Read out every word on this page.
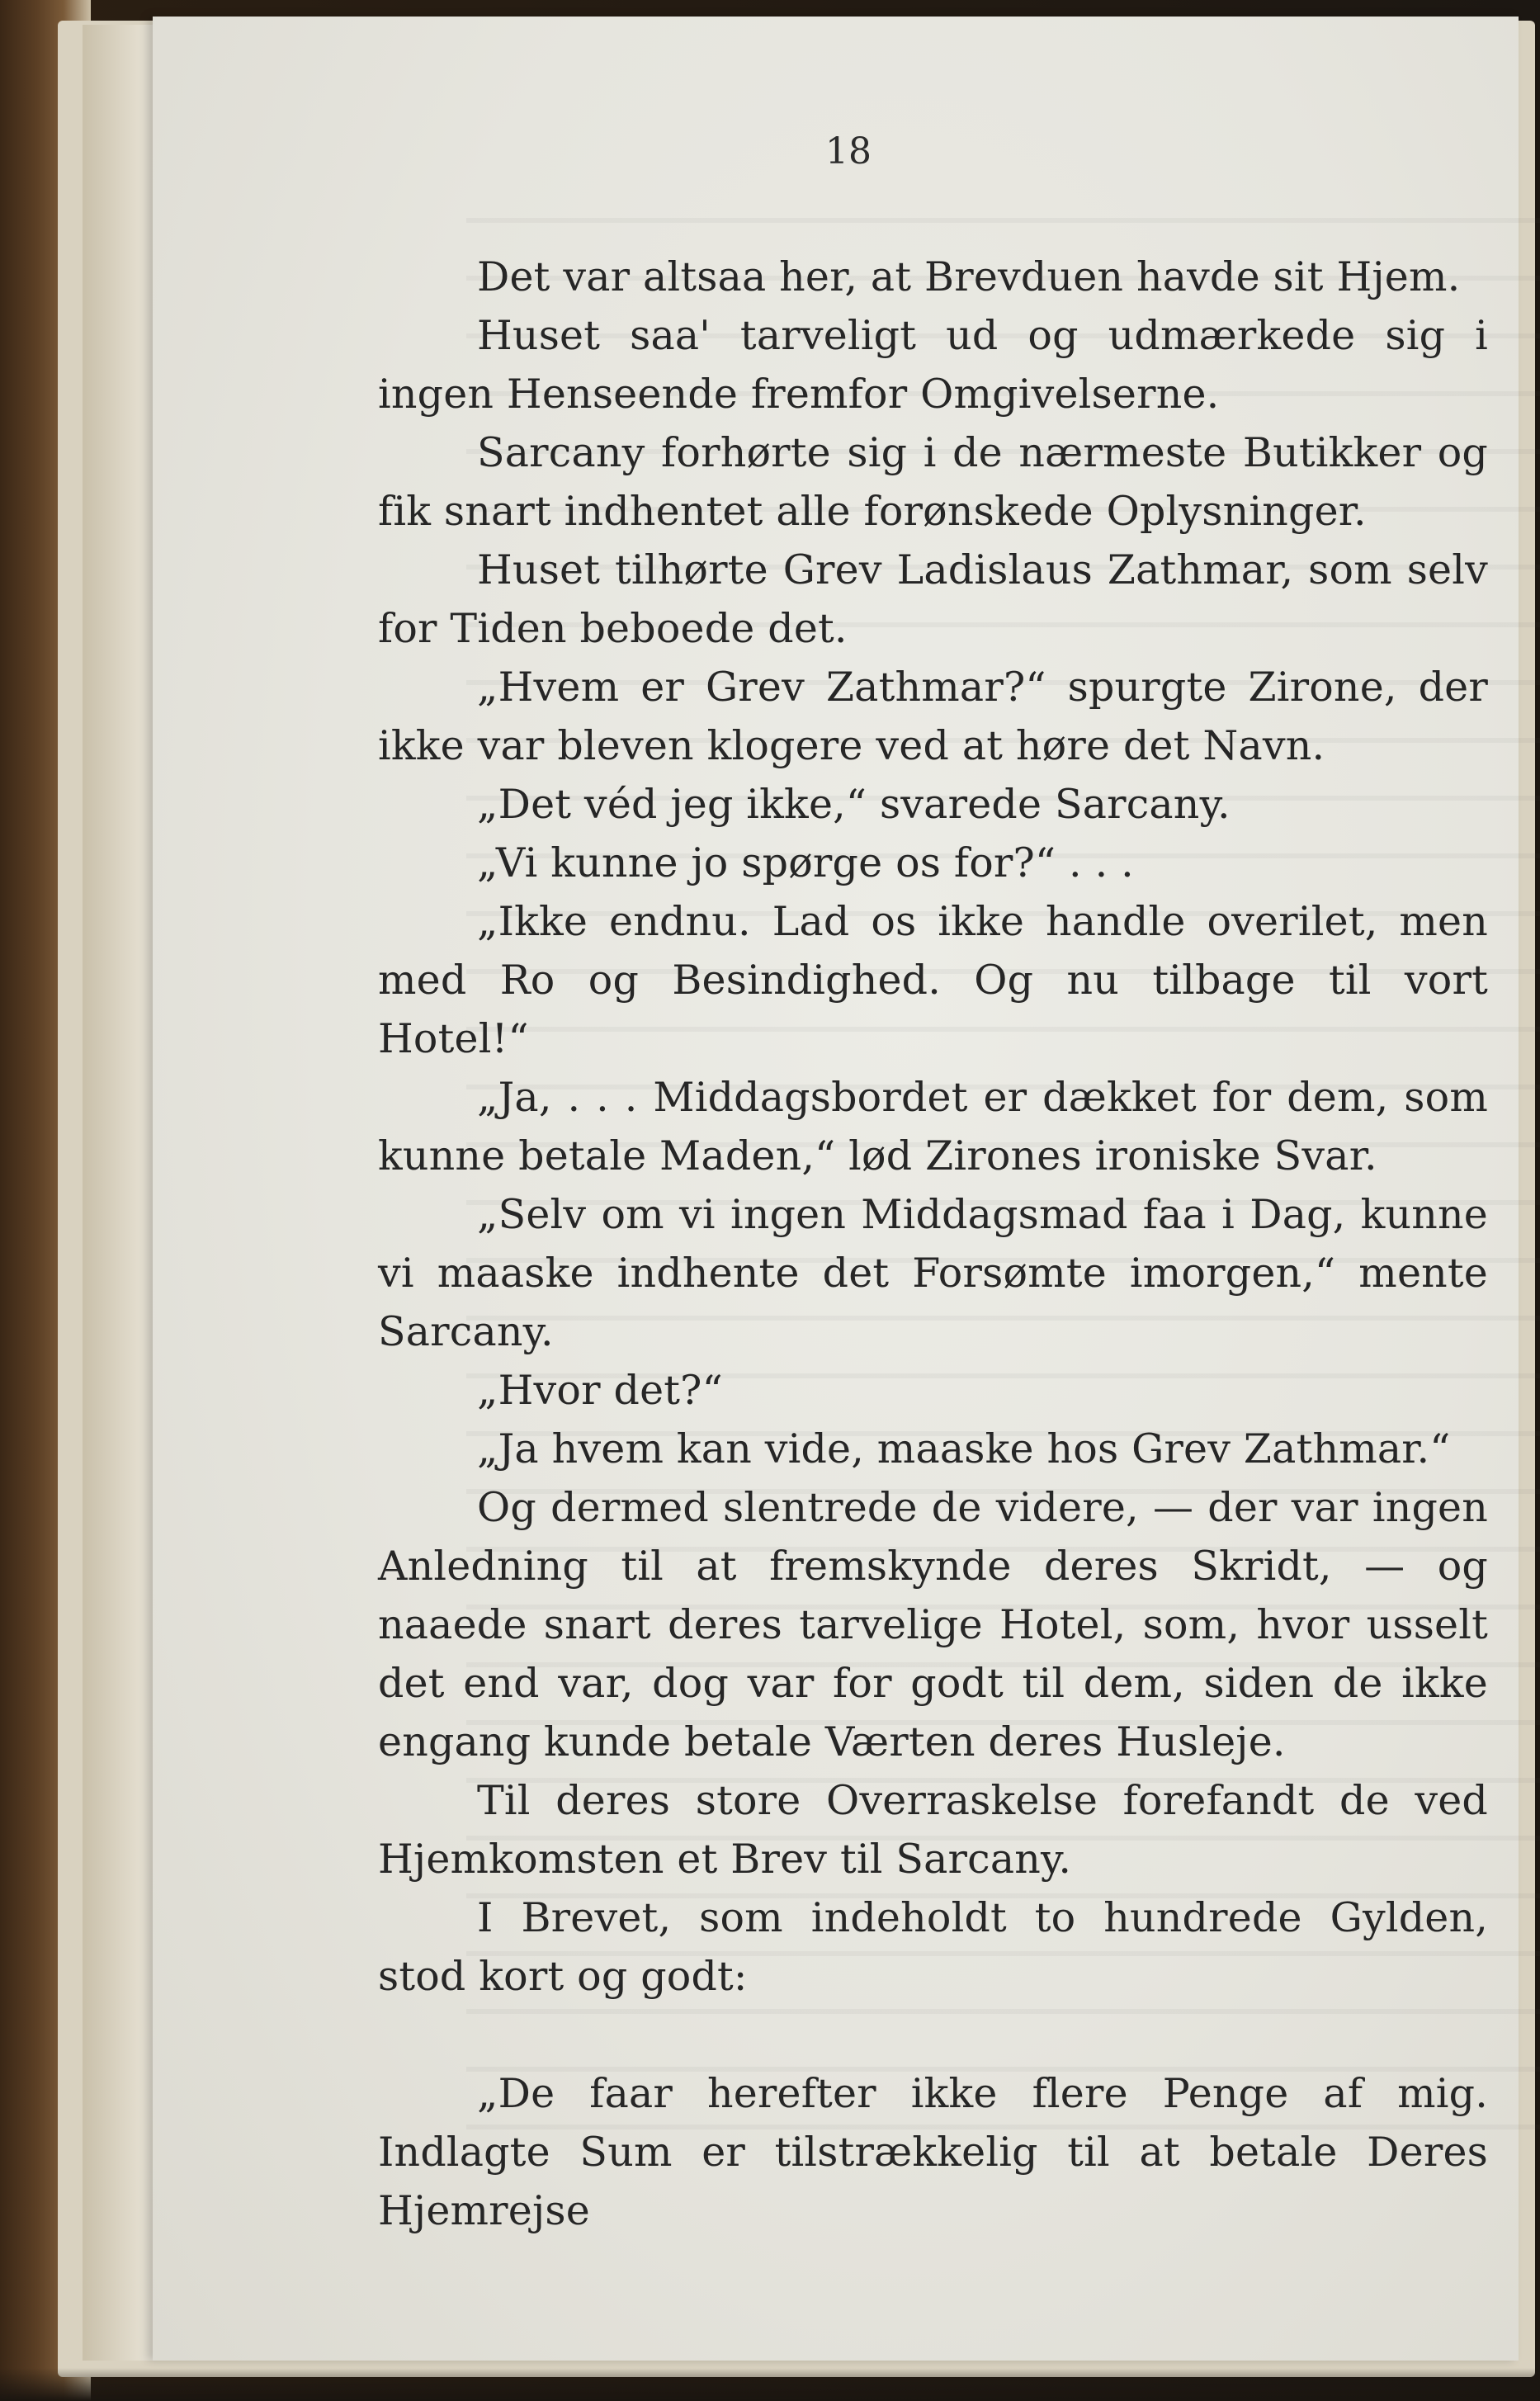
18

Det var altsaa her, at Brevduen havde sit Hjem.

Huset saa' tarveligt ud og udmærkede sig i ingen Henseende fremfor Omgivelserne.

Sarcany forhørte sig i de nærmeste Butikker og fik snart indhentet alle forønskede Oplysninger.

Huset tilhørte Grev Ladislaus Zathmar, som selv for Tiden beboede det.

„Hvem er Grev Zathmar?“ spurgte Zirone, der ikke var bleven klogere ved at høre det Navn.

„Det véd jeg ikke,“ svarede Sarcany.

„Vi kunne jo spørge os for?“ . . .

„Ikke endnu. Lad os ikke handle overilet, men med Ro og Besindighed. Og nu tilbage til vort Hotel!“

„Ja, . . . Middagsbordet er dækket for dem, som kunne betale Maden,“ lød Zirones ironiske Svar.

„Selv om vi ingen Middagsmad faa i Dag, kunne vi maaske indhente det Forsømte imorgen,“ mente Sarcany.

„Hvor det?“

„Ja hvem kan vide, maaske hos Grev Zathmar.“

Og dermed slentrede de videre, — der var ingen Anledning til at fremskynde deres Skridt, — og naaede snart deres tarvelige Hotel, som, hvor usselt det end var, dog var for godt til dem, siden de ikke engang kunde betale Værten deres Husleje.

Til deres store Overraskelse forefandt de ved Hjemkomsten et Brev til Sarcany.

I Brevet, som indeholdt to hundrede Gylden, stod kort og godt:

„De faar herefter ikke flere Penge af mig. Indlagte Sum er tilstrækkelig til at betale Deres Hjemrejse
